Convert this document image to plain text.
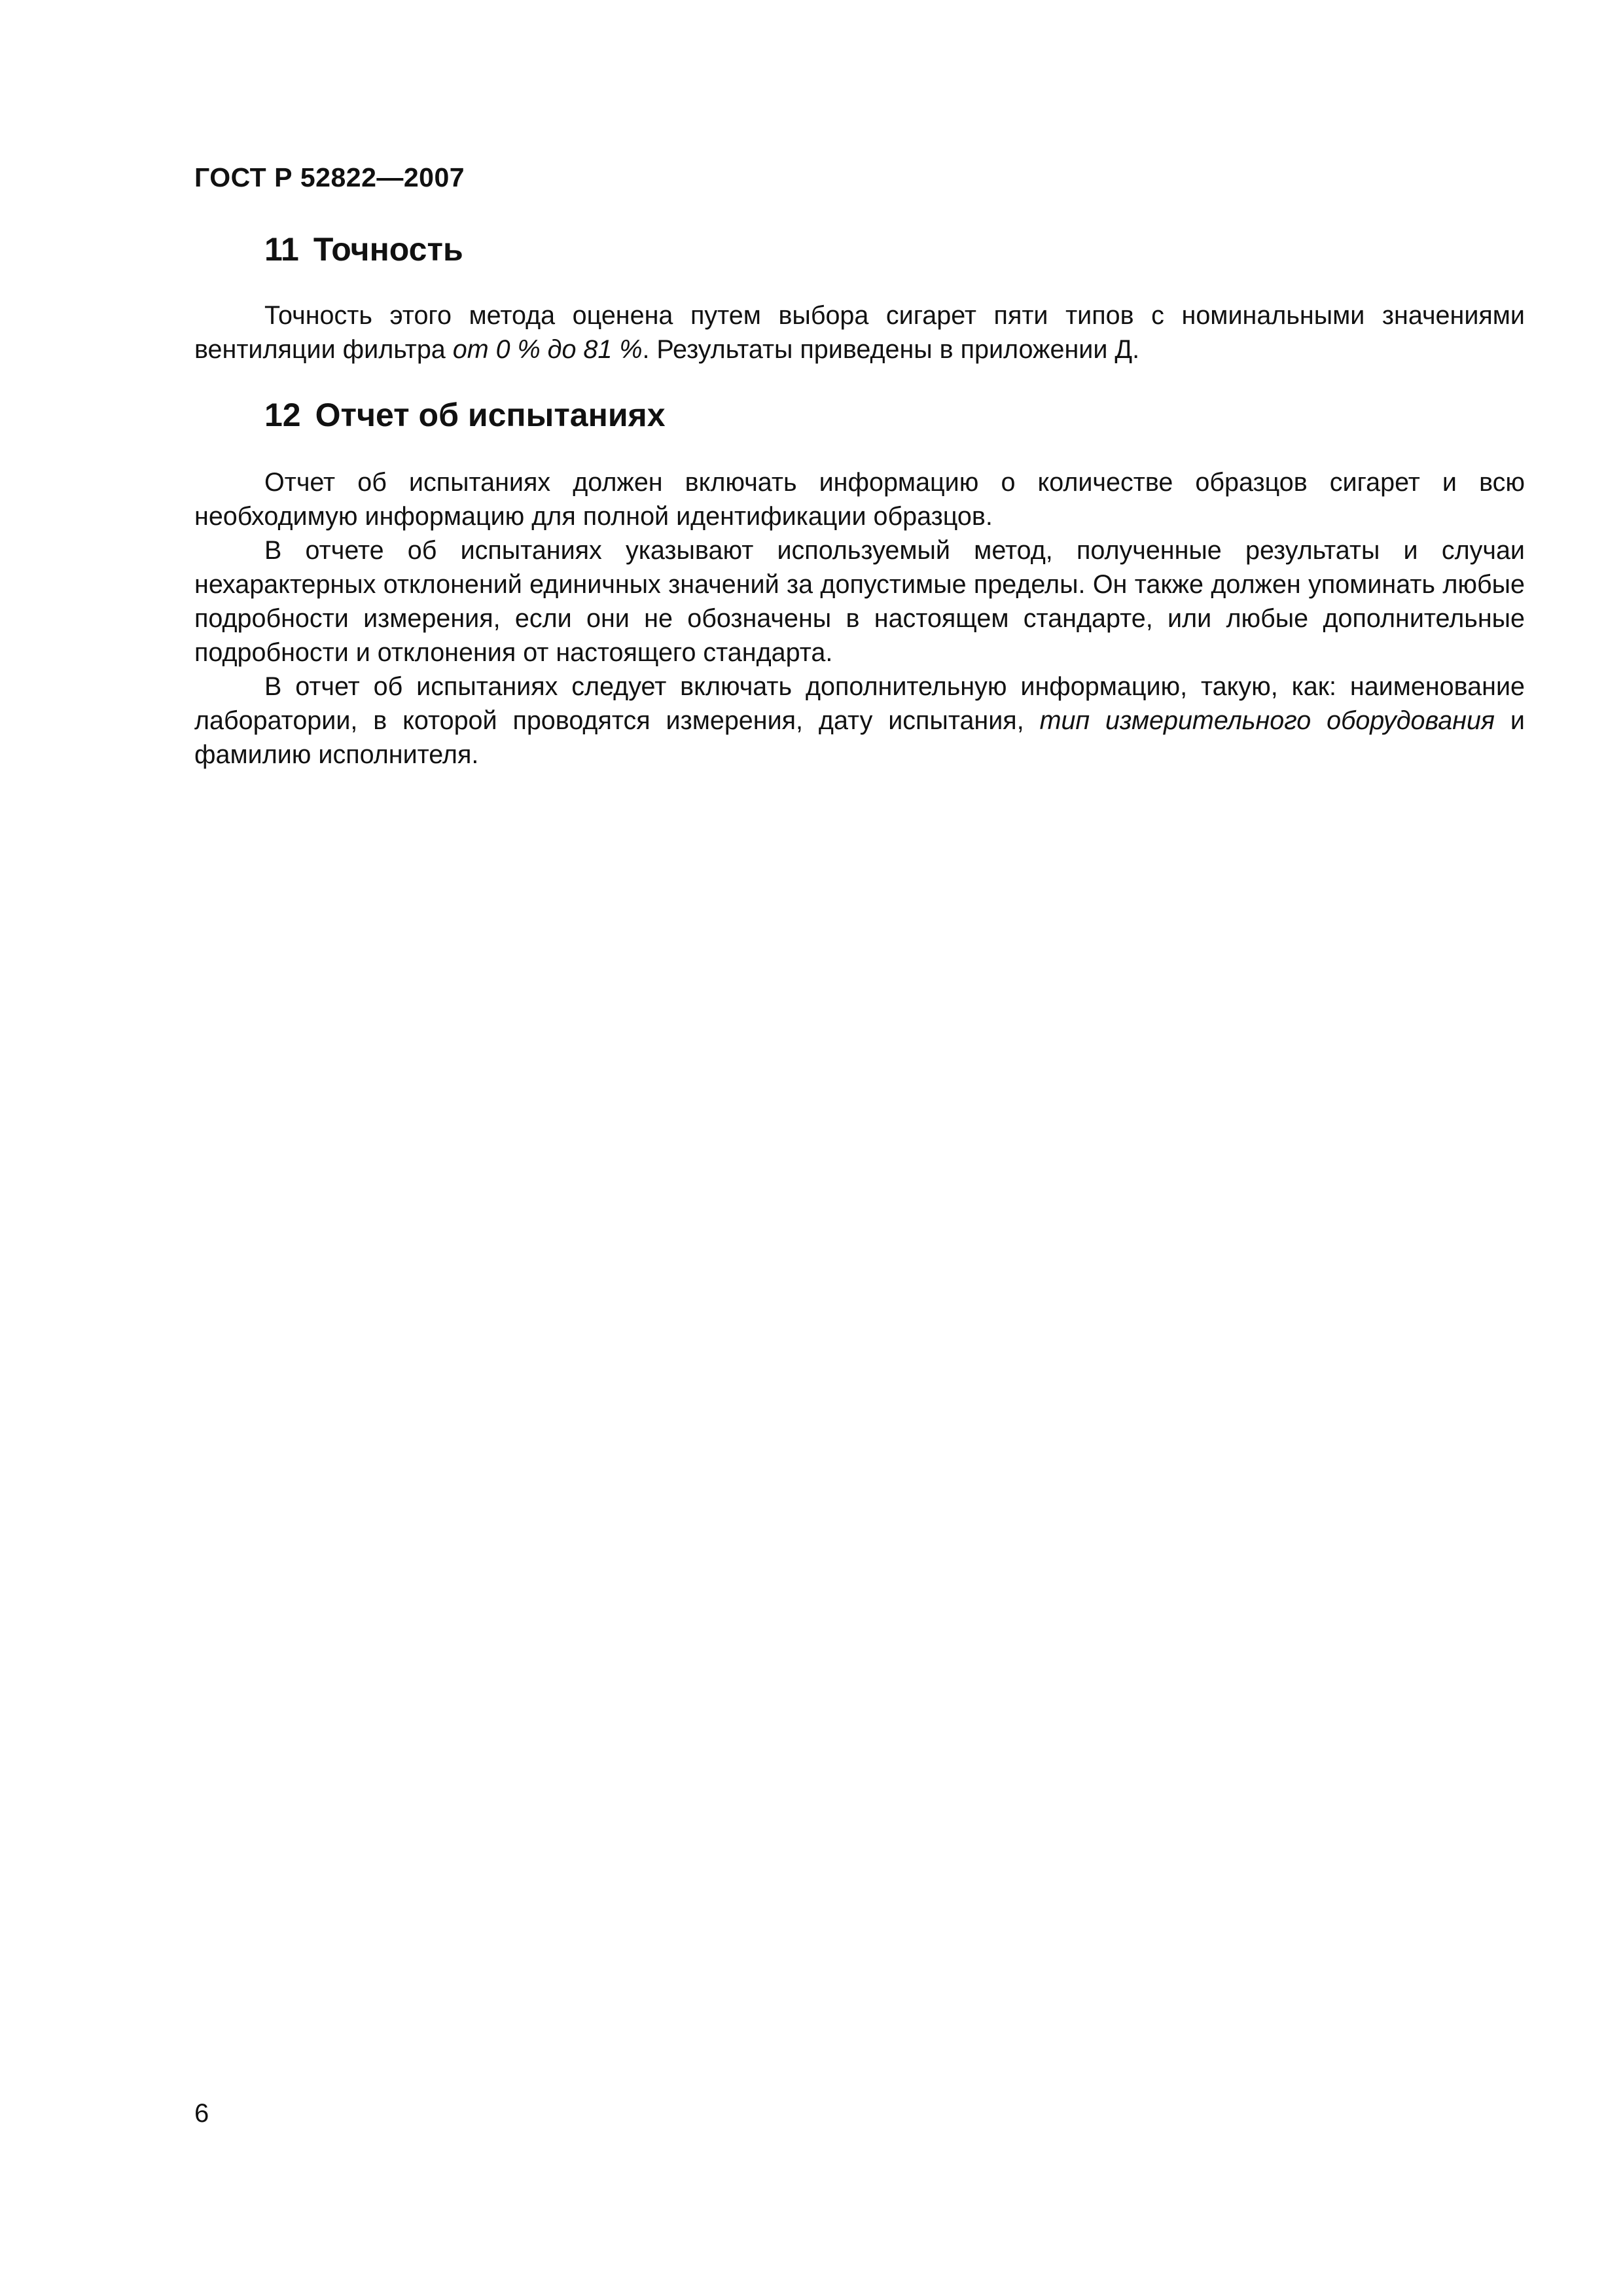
ГОСТ Р 52822—2007
11 Точность

Точность этого метода оценена путем выбора сигарет пяти типов с номинальными значениями вентиляции фильтра от 0 % до 81 %. Результаты приведены в приложении Д.

12 Отчет об испытаниях

Отчет об испытаниях должен включать информацию о количестве образцов сигарет и всю необходимую информацию для полной идентификации образцов.

В отчете об испытаниях указывают используемый метод, полученные результаты и случаи нехарактерных отклонений единичных значений за допустимые пределы. Он также должен упоминать любые подробности измерения, если они не обозначены в настоящем стандарте, или любые дополнительные подробности и отклонения от настоящего стандарта.

В отчет об испытаниях следует включать дополнительную информацию, такую, как: наименование лаборатории, в которой проводятся измерения, дату испытания, тип измерительного оборудования и фамилию исполнителя.

6
